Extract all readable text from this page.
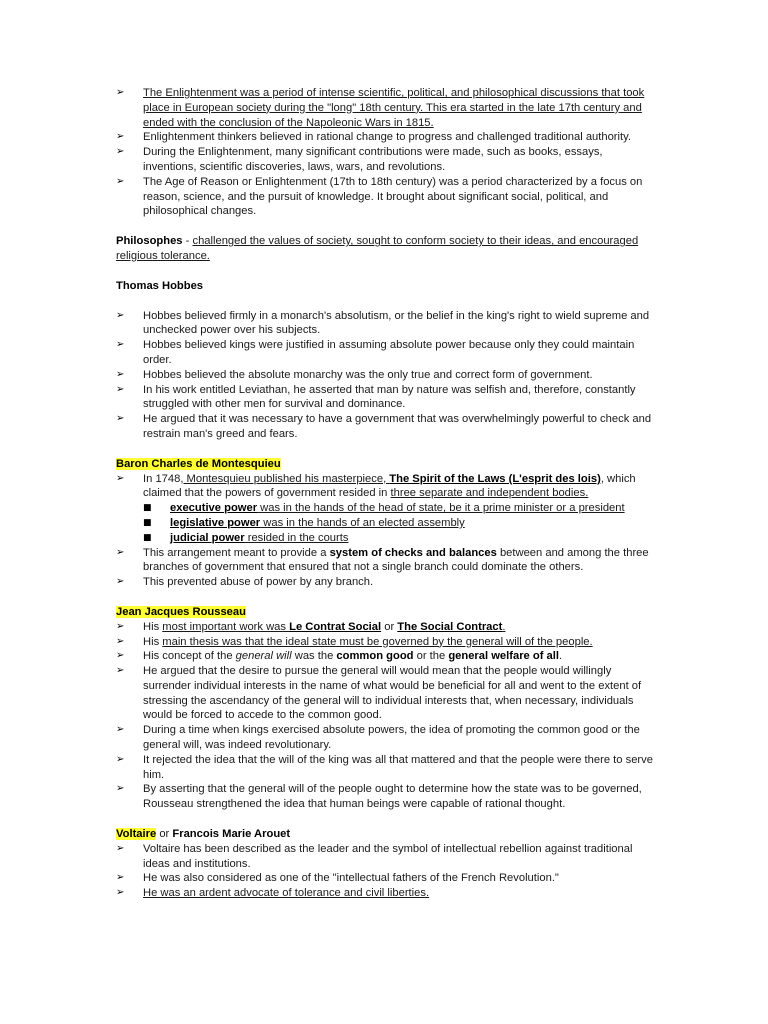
➢ The Enlightenment was a period of intense scientific, political, and philosophical discussions that took place in European society during the "long" 18th century. This era started in the late 17th century and ended with the conclusion of the Napoleonic Wars in 1815.
➢ Enlightenment thinkers believed in rational change to progress and challenged traditional authority.
➢ During the Enlightenment, many significant contributions were made, such as books, essays, inventions, scientific discoveries, laws, wars, and revolutions.
➢ The Age of Reason or Enlightenment (17th to 18th century) was a period characterized by a focus on reason, science, and the pursuit of knowledge. It brought about significant social, political, and philosophical changes.

Philosophes - challenged the values of society, sought to conform society to their ideas, and encouraged religious tolerance.

Thomas Hobbes
➢ Hobbes believed firmly in a monarch's absolutism, or the belief in the king's right to wield supreme and unchecked power over his subjects.
➢ Hobbes believed kings were justified in assuming absolute power because only they could maintain order.
➢ Hobbes believed the absolute monarchy was the only true and correct form of government.
➢ In his work entitled Leviathan, he asserted that man by nature was selfish and, therefore, constantly struggled with other men for survival and dominance.
➢ He argued that it was necessary to have a government that was overwhelmingly powerful to check and restrain man's greed and fears.
Baron Charles de Montesquieu
➢ In 1748, Montesquieu published his masterpiece, The Spirit of the Laws (L'esprit des lois), which claimed that the powers of government resided in three separate and independent bodies.
■ executive power was in the hands of the head of state, be it a prime minister or a president
■ legislative power was in the hands of an elected assembly
■ judicial power resided in the courts
➢ This arrangement meant to provide a system of checks and balances between and among the three branches of government that ensured that not a single branch could dominate the others.
➢ This prevented abuse of power by any branch.
Jean Jacques Rousseau
➢ His most important work was Le Contrat Social or The Social Contract.
➢ His main thesis was that the ideal state must be governed by the general will of the people.
➢ His concept of the general will was the common good or the general welfare of all.
➢ He argued that the desire to pursue the general will would mean that the people would willingly surrender individual interests in the name of what would be beneficial for all and went to the extent of stressing the ascendancy of the general will to individual interests that, when necessary, individuals would be forced to accede to the common good.
➢ During a time when kings exercised absolute powers, the idea of promoting the common good or the general will, was indeed revolutionary.
➢ It rejected the idea that the will of the king was all that mattered and that the people were there to serve him.
➢ By asserting that the general will of the people ought to determine how the state was to be governed, Rousseau strengthened the idea that human beings were capable of rational thought.
Voltaire or Francois Marie Arouet
➢ Voltaire has been described as the leader and the symbol of intellectual rebellion against traditional ideas and institutions.
➢ He was also considered as one of the "intellectual fathers of the French Revolution."
➢ He was an ardent advocate of tolerance and civil liberties.
